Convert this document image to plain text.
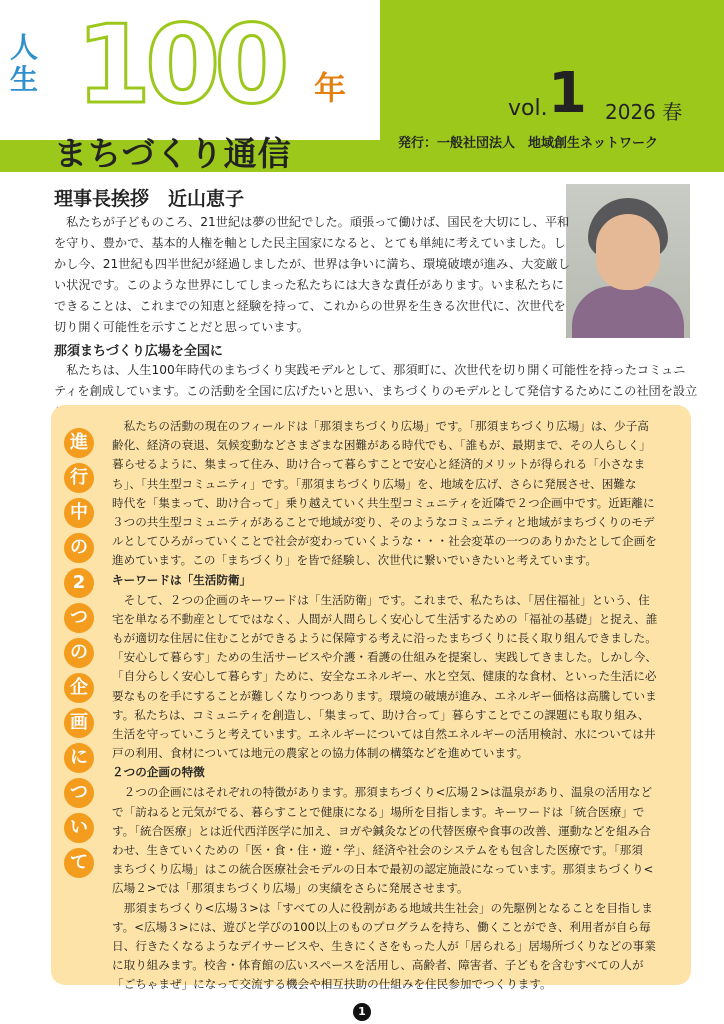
人
生 100 年
まちづくり通信
vol. 1 2026 春
発行：一般社団法人　地域創生ネットワーク
理事長挨拶　近山恵子

　私たちが子どものころ、21世紀は夢の世紀でした。頑張って働けば、国民を大切にし、平和

を守り、豊かで、基本的人権を軸とした民主国家になると、とても単純に考えていました。し

かし今、21世紀も四半世紀が経過しましたが、世界は争いに満ち、環境破壊が進み、大変厳し

い状況です。このような世界にしてしまった私たちには大きな責任があります。いま私たちに

できることは、これまでの知恵と経験を持って、これからの世界を生きる次世代に、次世代を

切り開く可能性を示すことだと思っています。

那須まちづくり広場を全国に

　私たちは、人生100年時代のまちづくり実践モデルとして、那須町に、次世代を切り開く可能性を持ったコミュニ

ティを創成しています。この活動を全国に広げたいと思い、まちづくりのモデルとして発信するためにこの社団を設立

進
行
中
の
2
つ
の
企
画
に
つ
い
て

　私たちの活動の現在のフィールドは「那須まちづくり広場」です。「那須まちづくり広場」は、少子高

齢化、経済の衰退、気候変動などさまざまな困難がある時代でも、「誰もが、最期まで、その人らしく」

暮らせるように、集まって住み、助け合って暮らすことで安心と経済的メリットが得られる「小さなま

ち」、「共生型コミュニティ」です。「那須まちづくり広場」を、地域を広げ、さらに発展させ、困難な

時代を「集まって、助け合って」乗り越えていく共生型コミュニティを近隣で２つ企画中です。近距離に

３つの共生型コミュニティがあることで地域が変り、そのようなコミュニティと地域がまちづくりのモデ

ルとしてひろがっていくことで社会が変わっていくような・・・社会変革の一つのありかたとして企画を

進めています。この「まちづくり」を皆で経験し、次世代に繋いでいきたいと考えています。

キーワードは「生活防衛」

　そして、２つの企画のキーワードは「生活防衛」です。これまで、私たちは、「居住福祉」という、住

宅を単なる不動産としてではなく、人間が人間らしく安心して生活するための「福祉の基礎」と捉え、誰

もが適切な住居に住むことができるように保障する考えに沿ったまちづくりに長く取り組んできました。

「安心して暮らす」ための生活サービスや介護・看護の仕組みを提案し、実践してきました。しかし今、

「自分らしく安心して暮らす」ために、安全なエネルギー、水と空気、健康的な食材、といった生活に必

要なものを手にすることが難しくなりつつあります。環境の破壊が進み、エネルギー価格は高騰していま

す。私たちは、コミュニティを創造し、「集まって、助け合って」暮らすことでこの課題にも取り組み、

生活を守っていこうと考えています。エネルギーについては自然エネルギーの活用検討、水については井

戸の利用、食材については地元の農家との協力体制の構築などを進めています。

２つの企画の特徴

　２つの企画にはそれぞれの特徴があります。那須まちづくり<広場２>は温泉があり、温泉の活用など

で「訪ねると元気がでる、暮らすことで健康になる」場所を目指します。キーワードは「統合医療」で

す。「統合医療」とは近代西洋医学に加え、ヨガや鍼灸などの代替医療や食事の改善、運動などを組み合

わせ、生きていくための「医・食・住・遊・学」、経済や社会のシステムをも包含した医療です。「那須

まちづくり広場」はこの統合医療社会モデルの日本で最初の認定施設になっています。那須まちづくり<

広場２>では「那須まちづくり広場」の実績をさらに発展させます。

　那須まちづくり<広場３>は「すべての人に役割がある地域共生社会」の先駆例となることを目指しま

す。<広場３>には、遊びと学びの100以上のものプログラムを持ち、働くことができ、利用者が自ら毎

日、行きたくなるようなデイサービスや、生きにくさをもった人が「居られる」居場所づくりなどの事業

に取り組みます。校舎・体育館の広いスペースを活用し、高齢者、障害者、子どもを含むすべての人が

「ごちゃまぜ」になって交流する機会や相互扶助の仕組みを住民参加でつくります。

1
